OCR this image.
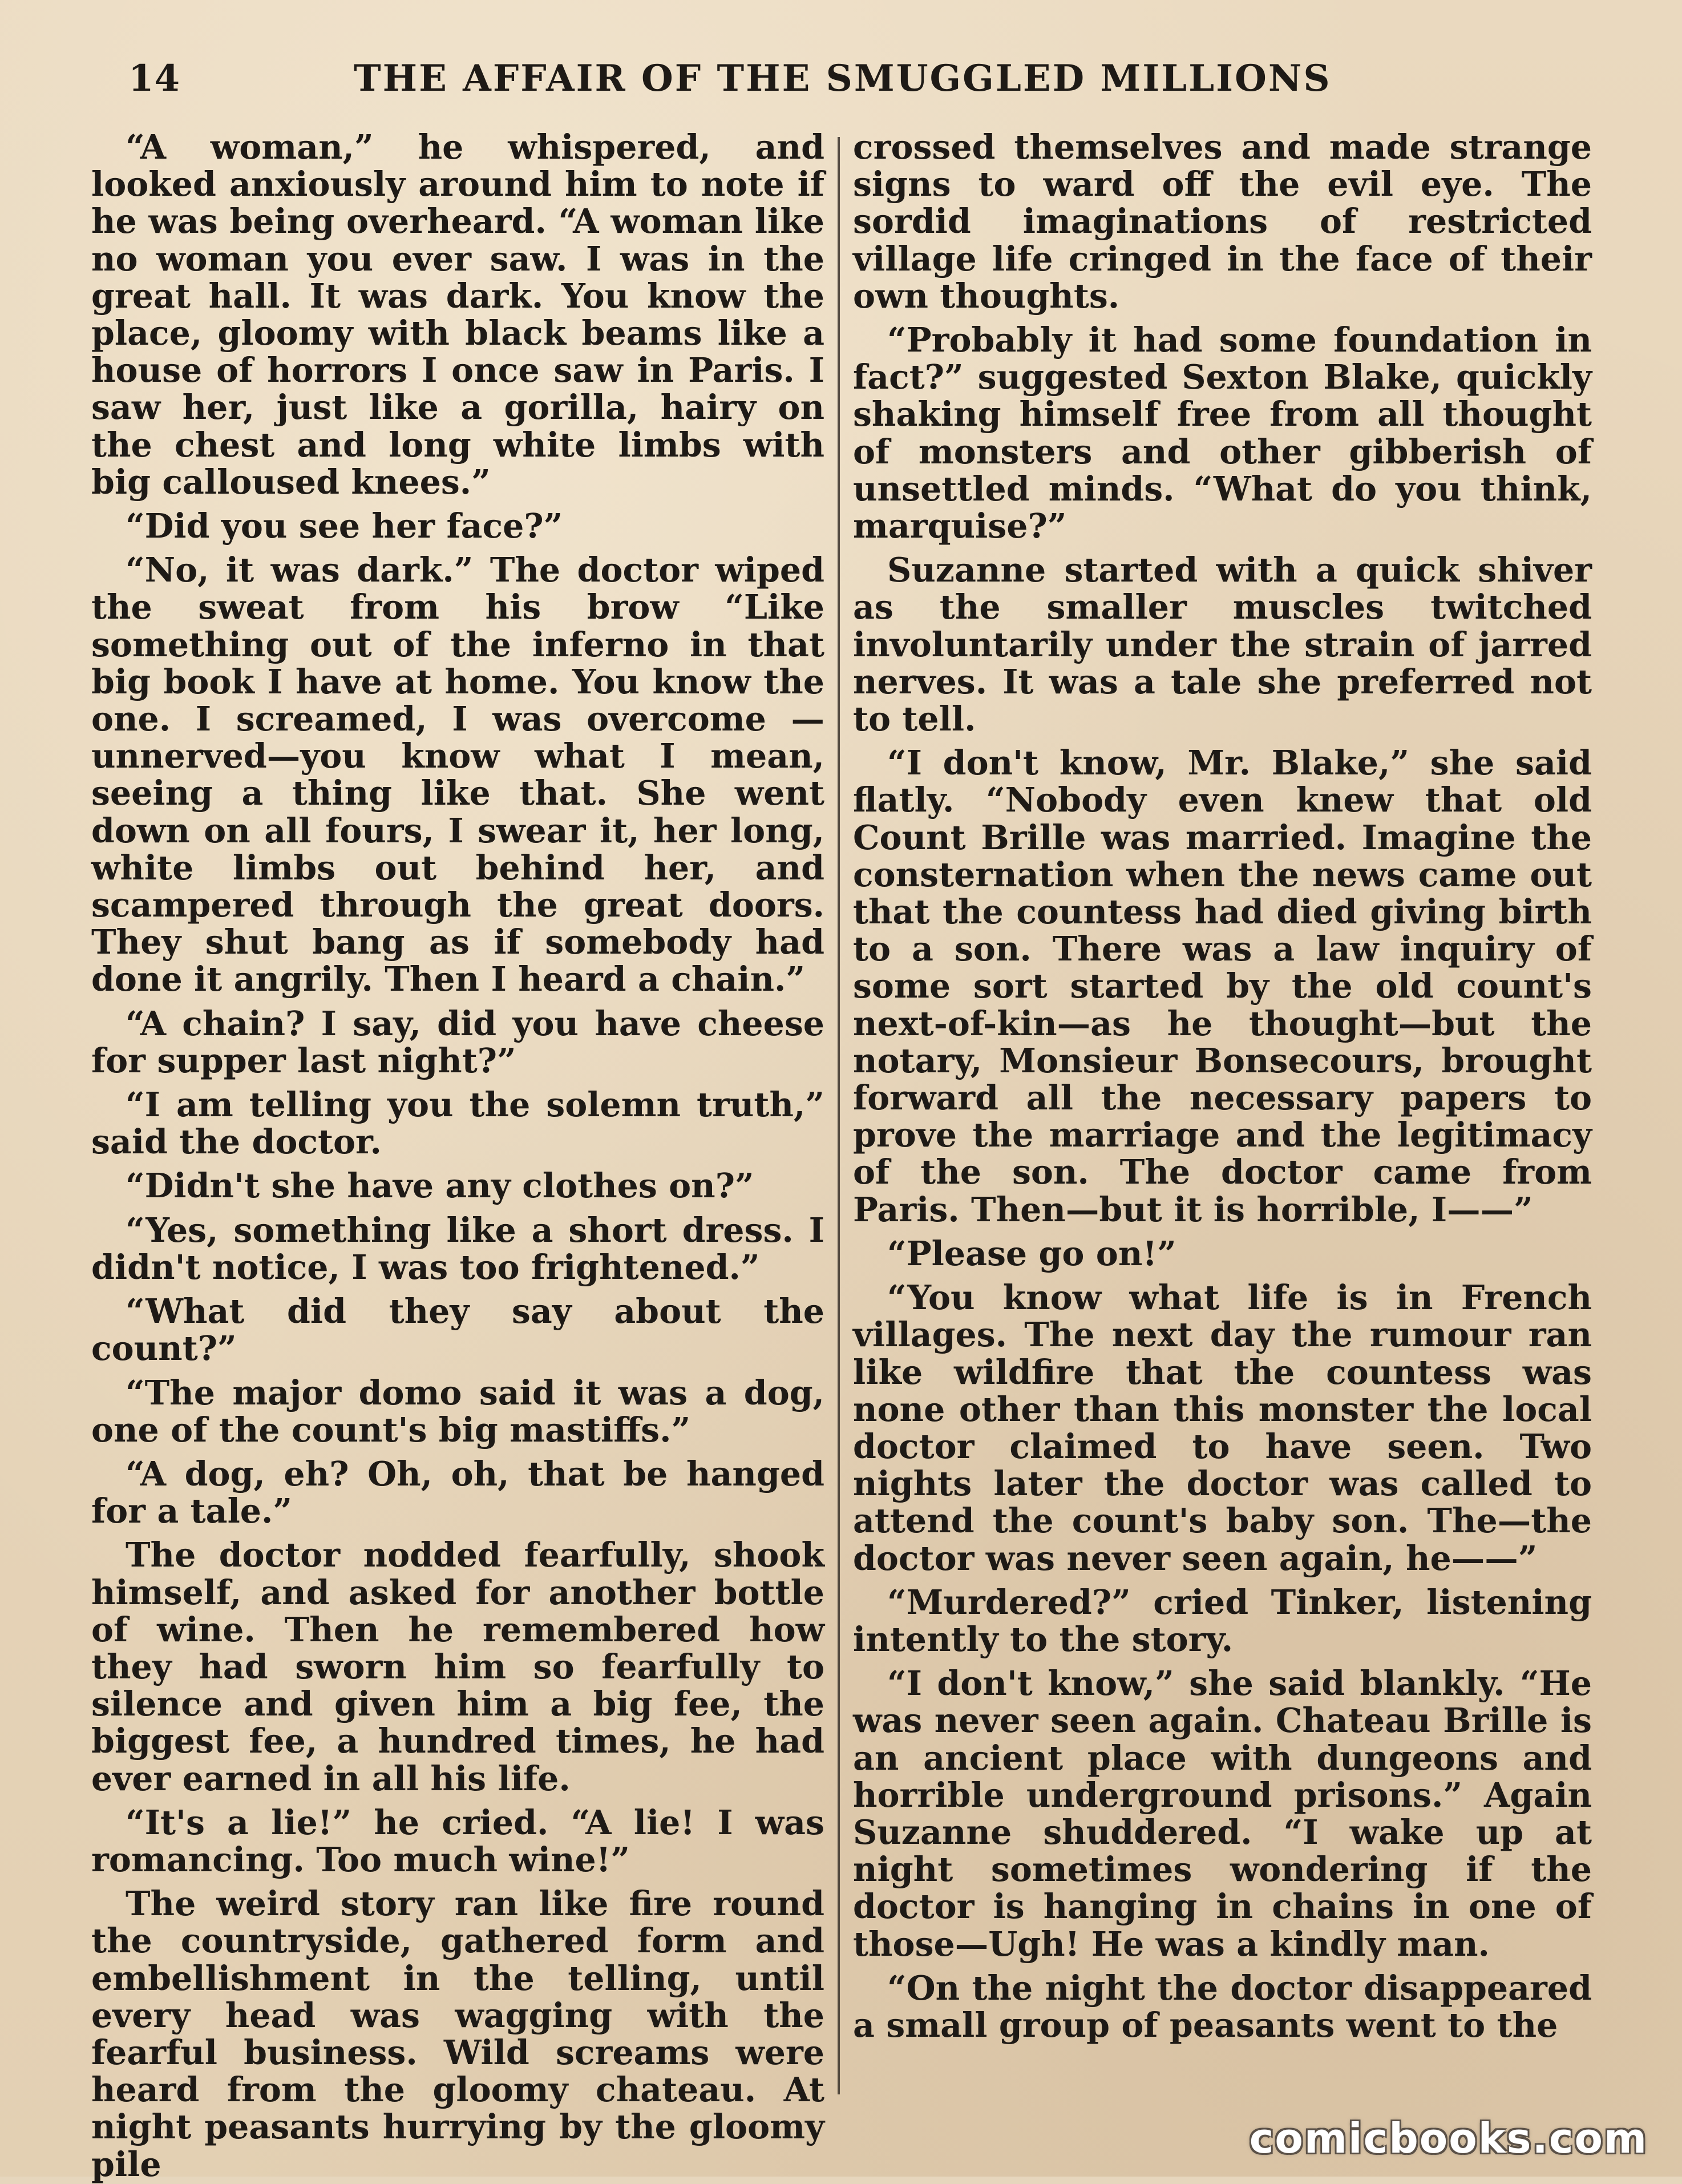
14	THE AFFAIR OF THE SMUGGLED MILLIONS

“A woman,” he whispered, and looked anxiously around him to note if he was being overheard. “A woman like no woman you ever saw. I was in the great hall. It was dark. You know the place, gloomy with black beams like a house of horrors I once saw in Paris. I saw her, just like a gorilla, hairy on the chest and long white limbs with big calloused knees.”

“Did you see her face?”

“No, it was dark.” The doctor wiped the sweat from his brow “Like something out of the inferno in that big book I have at home. You know the one. I screamed, I was overcome —unnerved—you know what I mean, seeing a thing like that. She went down on all fours, I swear it, her long, white limbs out behind her, and scampered through the great doors. They shut bang as if somebody had done it angrily. Then I heard a chain.”

“A chain? I say, did you have cheese for supper last night?”

“I am telling you the solemn truth,” said the doctor.

“Didn't she have any clothes on?”

“Yes, something like a short dress. I didn't notice, I was too frightened.”

“What did they say about the count?”

“The major domo said it was a dog, one of the count's big mastiffs.”

“A dog, eh? Oh, oh, that be hanged for a tale.”

The doctor nodded fearfully, shook himself, and asked for another bottle of wine. Then he remembered how they had sworn him so fearfully to silence and given him a big fee, the biggest fee, a hundred times, he had ever earned in all his life.

“It's a lie!” he cried. “A lie! I was romancing. Too much wine!”

The weird story ran like fire round the countryside, gathered form and embellishment in the telling, until every head was wagging with the fearful business. Wild screams were heard from the gloomy chateau. At night peasants hurrying by the gloomy pile

crossed themselves and made strange signs to ward off the evil eye. The sordid imaginations of restricted village life cringed in the face of their own thoughts.

“Probably it had some foundation in fact?” suggested Sexton Blake, quickly shaking himself free from all thought of monsters and other gibberish of unsettled minds. “What do you think, marquise?”

Suzanne started with a quick shiver as the smaller muscles twitched involuntarily under the strain of jarred nerves. It was a tale she preferred not to tell.

“I don't know, Mr. Blake,” she said flatly. “Nobody even knew that old Count Brille was married. Imagine the consternation when the news came out that the countess had died giving birth to a son. There was a law inquiry of some sort started by the old count's next-of-kin—as he thought—but the notary, Monsieur Bonsecours, brought forward all the necessary papers to prove the marriage and the legitimacy of the son. The doctor came from Paris. Then—but it is horrible, I——”

“Please go on!”

“You know what life is in French villages. The next day the rumour ran like wildfire that the countess was none other than this monster the local doctor claimed to have seen. Two nights later the doctor was called to attend the count's baby son. The—the doctor was never seen again, he——”

“Murdered?” cried Tinker, listening intently to the story.

“I don't know,” she said blankly. “He was never seen again. Chateau Brille is an ancient place with dungeons and horrible underground prisons.” Again Suzanne shuddered. “I wake up at night sometimes wondering if the doctor is hanging in chains in one of those—Ugh! He was a kindly man.

“On the night the doctor disappeared a small group of peasants went to the

comicbooks.com
